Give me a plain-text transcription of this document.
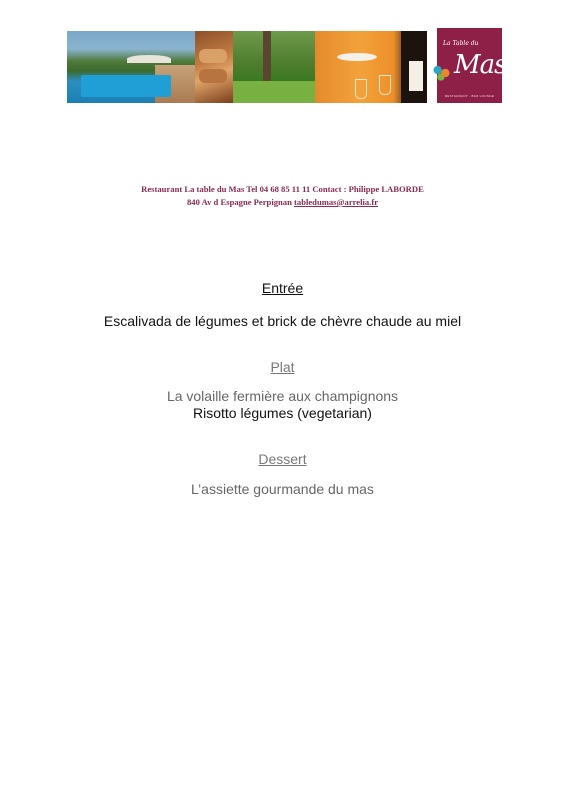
La Table du
Mas
RESTAURANT - BAR LOUNGE
Restaurant La table du Mas Tel 04 68 85 11 11 Contact : Philippe LABORDE
840 Av d Espagne Perpignan tabledumas@arrelia.fr
Entrée
Escalivada de légumes et brick de chèvre chaude au miel
Plat
La volaille fermière aux champignons
Risotto légumes (vegetarian)
Dessert
L’assiette gourmande du mas
